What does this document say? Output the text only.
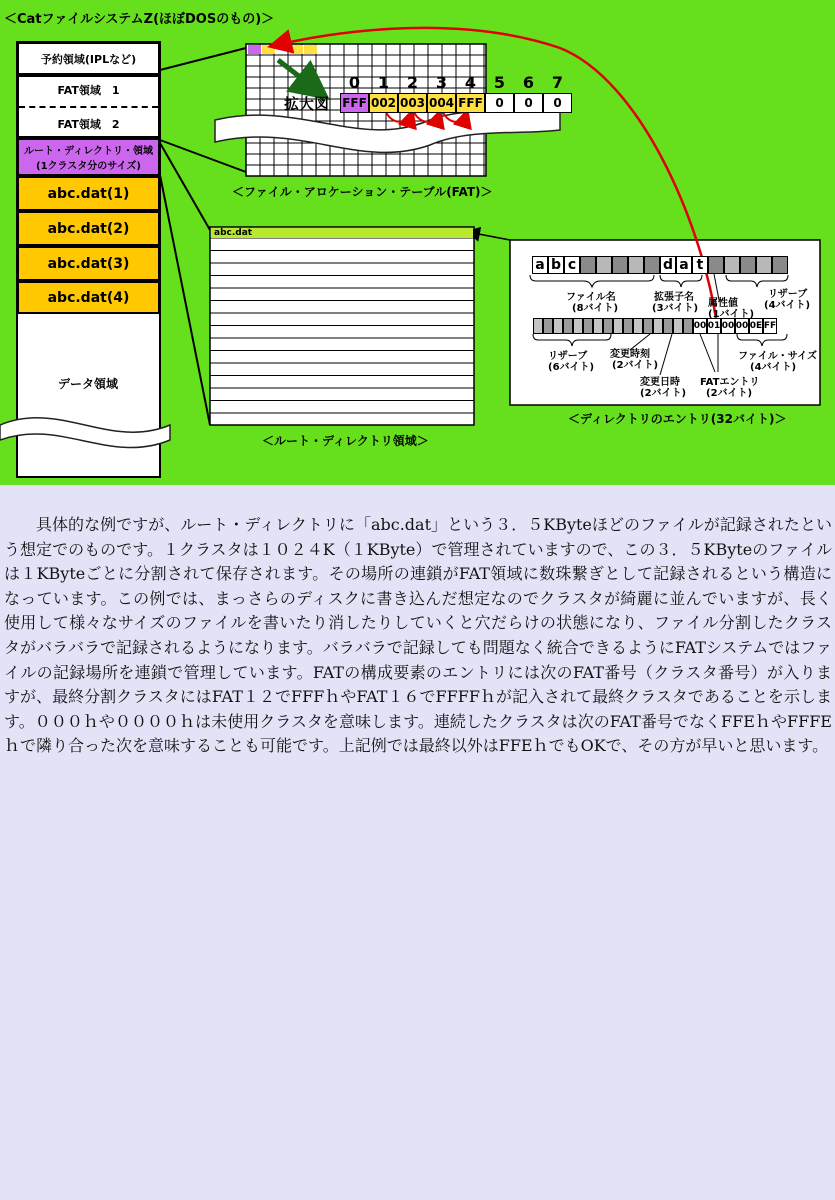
＜CatファイルシステムZ(ほぼDOSのもの)＞
予約領域(IPLなど)
FAT領域　1
FAT領域　2
ルート・ディレクトリ・領域
(1クラスタ分のサイズ)
abc.dat(1)
abc.dat(2)
abc.dat(3)
abc.dat(4)
データ領域
0	1	2	3	4	5	6	7
拡大図 FFF 002 003 004 FFF	0	0	0
＜ファイル・アロケーション・テーブル(FAT)＞
abc.dat
＜ルート・ディレクトリ領域＞
a b c	d a t
00 01 00 00 0E FF
ファイル名
(8バイト)
拡張子名
(3バイト) 属性値
(1バイト)
リザーブ
(4バイト)
リザーブ
(6バイト)
変更時刻
(2バイト)
変更日時
(2バイト)
FATエントリ
(2バイト)
ファイル・サイズ
(4バイト)
＜ディレクトリのエントリ(32バイト)＞

具体的な例ですが、ルート・ディレクトリに「abc.dat」という３．５KByteほどのファイルが記録されたという想定でのものです。１クラスタは１０２４K（１KByte）で管理されていますので、この３．５KByteのファイルは１KByteごとに分割されて保存されます。その場所の連鎖がFAT領域に数珠繋ぎとして記録されるという構造になっています。この例では、まっさらのディスクに書き込んだ想定なのでクラスタが綺麗に並んでいますが、長く使用して様々なサイズのファイルを書いたり消したりしていくと穴だらけの状態になり、ファイル分割したクラスタがバラバラで記録されるようになります。バラバラで記録しても問題なく統合できるようにFATシステムではファイルの記録場所を連鎖で管理しています。FATの構成要素のエントリには次のFAT番号（クラスタ番号）が入りますが、最終分割クラスタにはFAT１２でFFFｈやFAT１６でFFFFｈが記入されて最終クラスタであることを示します。０００ｈや００００ｈは未使用クラスタを意味します。連続したクラスタは次のFAT番号でなくFFEｈやFFFEｈで隣り合った次を意味することも可能です。上記例では最終以外はFFEｈでもOKで、その方が早いと思います。
